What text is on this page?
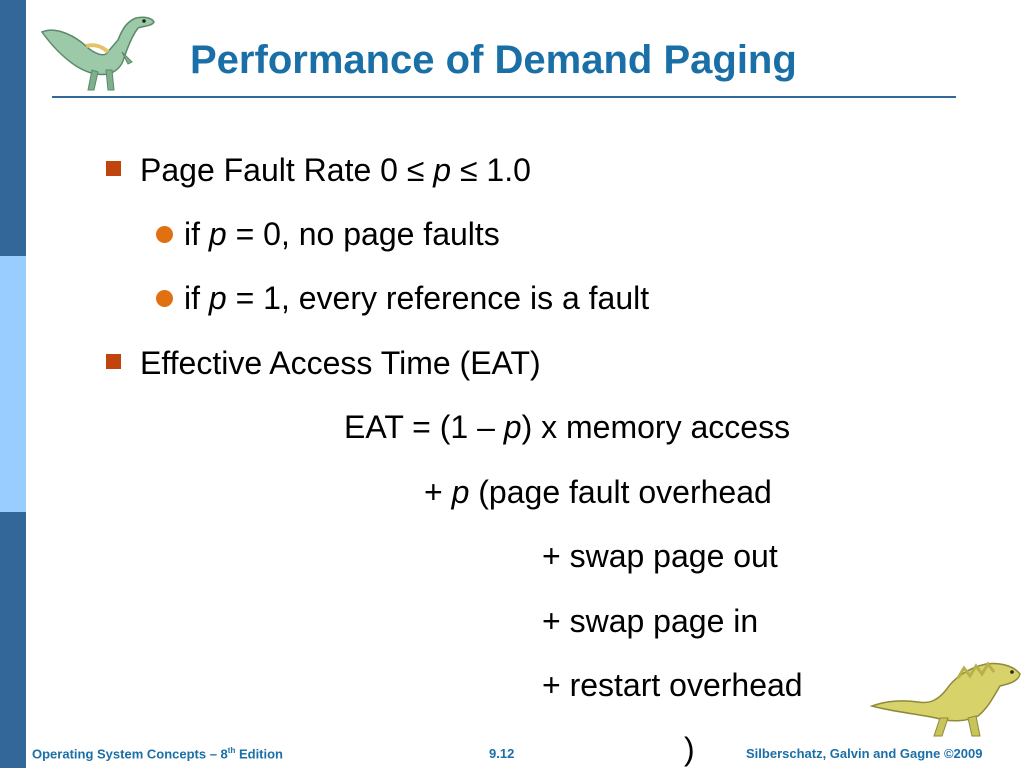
Performance of Demand Paging
Page Fault Rate 0 ≤ p ≤ 1.0
if p = 0, no page faults
if p = 1, every reference is a fault
Effective Access Time (EAT)
EAT = (1 – p) x memory access
+ p (page fault overhead
+ swap page out
+ swap page in
+ restart overhead
)
Operating System Concepts – 8th Edition	9.12	Silberschatz, Galvin and Gagne ©2009
